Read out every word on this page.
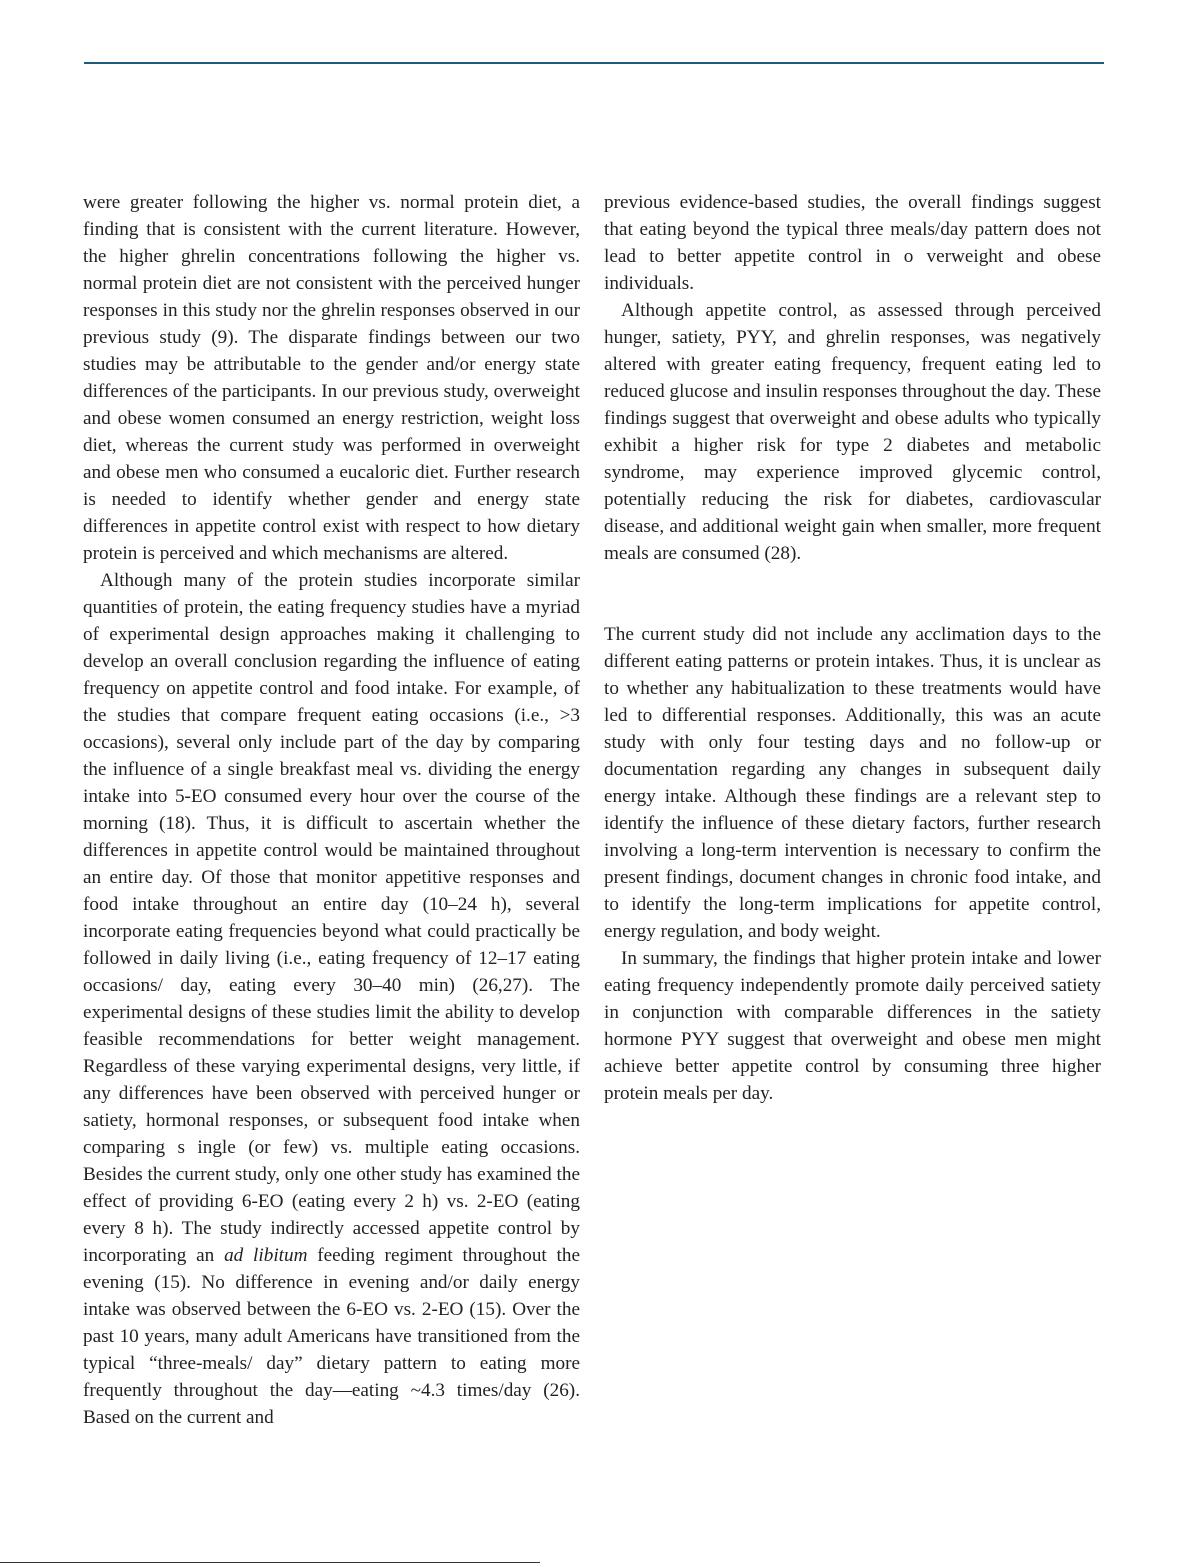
were greater following the higher vs. normal protein diet, a finding that is consistent with the current literature. However, the higher ghrelin concentrations following the higher vs. normal protein diet are not consistent with the perceived hunger responses in this study nor the ghrelin responses observed in our previous study (9). The disparate findings between our two studies may be attributable to the gender and/or energy state differences of the participants. In our previous study, overweight and obese women consumed an energy restriction, weight loss diet, whereas the current study was performed in overweight and obese men who consumed a eucaloric diet. Further research is needed to identify whether gender and energy state differences in appetite control exist with respect to how dietary protein is perceived and which mechanisms are altered.

Although many of the protein studies incorporate similar quantities of protein, the eating frequency studies have a myriad of experimental design approaches making it challenging to develop an overall conclusion regarding the influence of eating frequency on appetite control and food intake. For example, of the studies that compare frequent eating occasions (i.e., >3 occasions), several only include part of the day by comparing the influence of a single breakfast meal vs. dividing the energy intake into 5-EO consumed every hour over the course of the morning (18). Thus, it is difficult to ascertain whether the differences in appetite control would be maintained throughout an entire day. Of those that monitor appetitive responses and food intake throughout an entire day (10–24 h), several incorporate eating frequencies beyond what could practically be followed in daily living (i.e., eating frequency of 12–17 eating occasions/ day, eating every 30–40 min) (26,27). The experimental designs of these studies limit the ability to develop feasible recommendations for better weight management. Regardless of these varying experimental designs, very little, if any differences have been observed with perceived hunger or satiety, hormonal responses, or subsequent food intake when comparing s ingle (or few) vs. multiple eating occasions. Besides the current study, only one other study has examined the effect of providing 6-EO (eating every 2 h) vs. 2-EO (eating every 8 h). The study indirectly accessed appetite control by incorporating an ad libitum feeding regiment throughout the evening (15). No difference in evening and/or daily energy intake was observed between the 6-EO vs. 2-EO (15). Over the past 10 years, many adult Americans have transitioned from the typical “three-meals/ day” dietary pattern to eating more frequently throughout the day—eating ~4.3 times/day (26). Based on the current and

previous evidence-based studies, the overall findings suggest that eating beyond the typical three meals/day pattern does not lead to better appetite control in o verweight and obese individuals.

Although appetite control, as assessed through perceived hunger, satiety, PYY, and ghrelin responses, was negatively altered with greater eating frequency, frequent eating led to reduced glucose and insulin responses throughout the day. These findings suggest that overweight and obese adults who typically exhibit a higher risk for type 2 diabetes and metabolic syndrome, may experience improved glycemic control, potentially reducing the risk for diabetes, cardiovascular disease, and additional weight gain when smaller, more frequent meals are consumed (28).

The current study did not include any acclimation days to the different eating patterns or protein intakes. Thus, it is unclear as to whether any habitualization to these treatments would have led to differential responses. Additionally, this was an acute study with only four testing days and no follow-up or documentation regarding any changes in subsequent daily energy intake. Although these findings are a relevant step to identify the influence of these dietary factors, further research involving a long-term intervention is necessary to confirm the present findings, document changes in chronic food intake, and to identify the long-term implications for appetite control, energy regulation, and body weight.

In summary, the findings that higher protein intake and lower eating frequency independently promote daily perceived satiety in conjunction with comparable differences in the satiety hormone PYY suggest that overweight and obese men might achieve better appetite control by consuming three higher protein meals per day.
